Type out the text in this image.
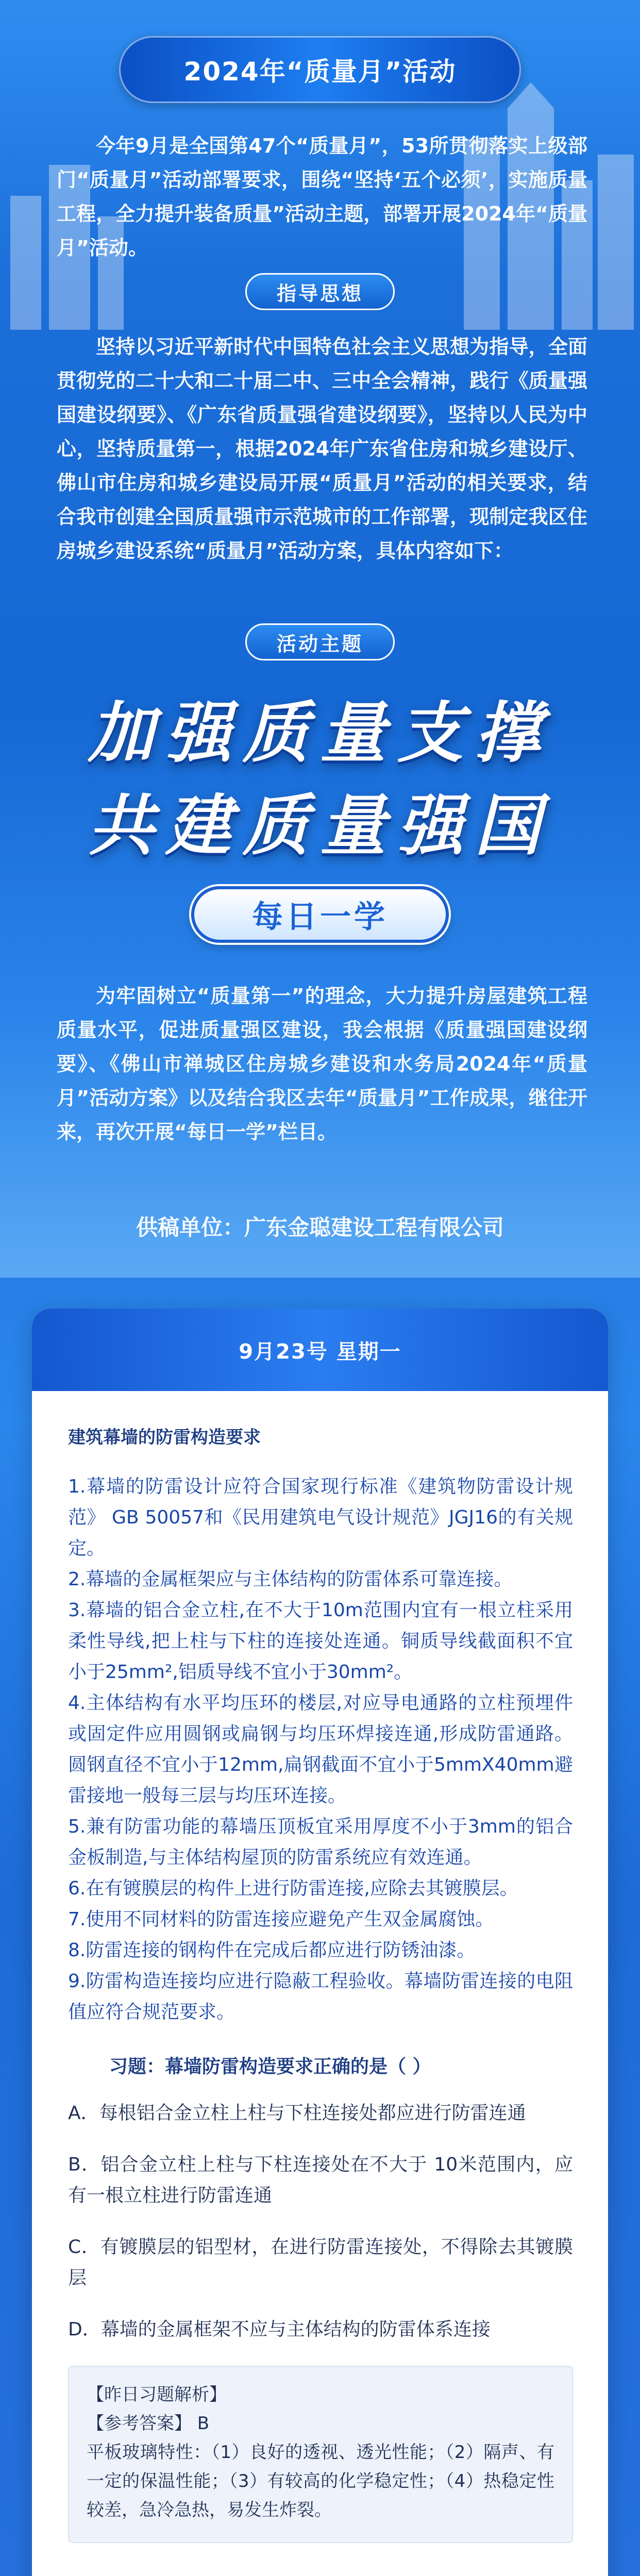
2024年“质量月”活动

今年9月是全国第47个“质量月”，53所贯彻落实上级部门“质量月”活动部署要求，围绕“坚持‘五个必须’，实施质量工程，全力提升装备质量”活动主题，部署开展2024年“质量月”活动。

指导思想

坚持以习近平新时代中国特色社会主义思想为指导，全面贯彻党的二十大和二十届二中、三中全会精神，践行《质量强国建设纲要》、《广东省质量强省建设纲要》，坚持以人民为中心，坚持质量第一，根据2024年广东省住房和城乡建设厅、佛山市住房和城乡建设局开展“质量月”活动的相关要求，结合我市创建全国质量强市示范城市的工作部署，现制定我区住房城乡建设系统“质量月”活动方案，具体内容如下：

活动主题
加强质量支撑
共建质量强国
每日一学

为牢固树立“质量第一”的理念，大力提升房屋建筑工程质量水平，促进质量强区建设，我会根据《质量强国建设纲要》、《佛山市禅城区住房城乡建设和水务局2024年“质量月”活动方案》以及结合我区去年“质量月”工作成果，继往开来，再次开展“每日一学”栏目。

供稿单位：广东金聪建设工程有限公司
9月23号 星期一

建筑幕墙的防雷构造要求

1.幕墙的防雷设计应符合国家现行标准《建筑物防雷设计规范》 GB 50057和《民用建筑电气设计规范》JGJ16的有关规定。

2.幕墙的金属框架应与主体结构的防雷体系可靠连接。

3.幕墙的铝合金立柱,在不大于10m范围内宜有一根立柱采用柔性导线,把上柱与下柱的连接处连通。铜质导线截面积不宜小于25mm²,铝质导线不宜小于30mm²。

4.主体结构有水平均压环的楼层,对应导电通路的立柱预埋件或固定件应用圆钢或扁钢与均压环焊接连通,形成防雷通路。圆钢直径不宜小于12mm,扁钢截面不宜小于5mmX40mm避雷接地一般每三层与均压环连接。

5.兼有防雷功能的幕墙压顶板宜采用厚度不小于3mm的铝合金板制造,与主体结构屋顶的防雷系统应有效连通。

6.在有镀膜层的构件上进行防雷连接,应除去其镀膜层。

7.使用不同材料的防雷连接应避免产生双金属腐蚀。

8.防雷连接的钢构件在完成后都应进行防锈油漆。

9.防雷构造连接均应进行隐蔽工程验收。幕墙防雷连接的电阻值应符合规范要求。

习题：幕墙防雷构造要求正确的是（ ）

A．每根铝合金立柱上柱与下柱连接处都应进行防雷连通

B．铝合金立柱上柱与下柱连接处在不大于 10米范围内，应有一根立柱进行防雷连通

C．有镀膜层的铝型材，在进行防雷连接处，不得除去其镀膜层

D．幕墙的金属框架不应与主体结构的防雷体系连接

【昨日习题解析】

【参考答案】 B

平板玻璃特性：（1）良好的透视、透光性能；（2）隔声、有一定的保温性能；（3）有较高的化学稳定性；（4）热稳定性较差，急冷急热，易发生炸裂。
